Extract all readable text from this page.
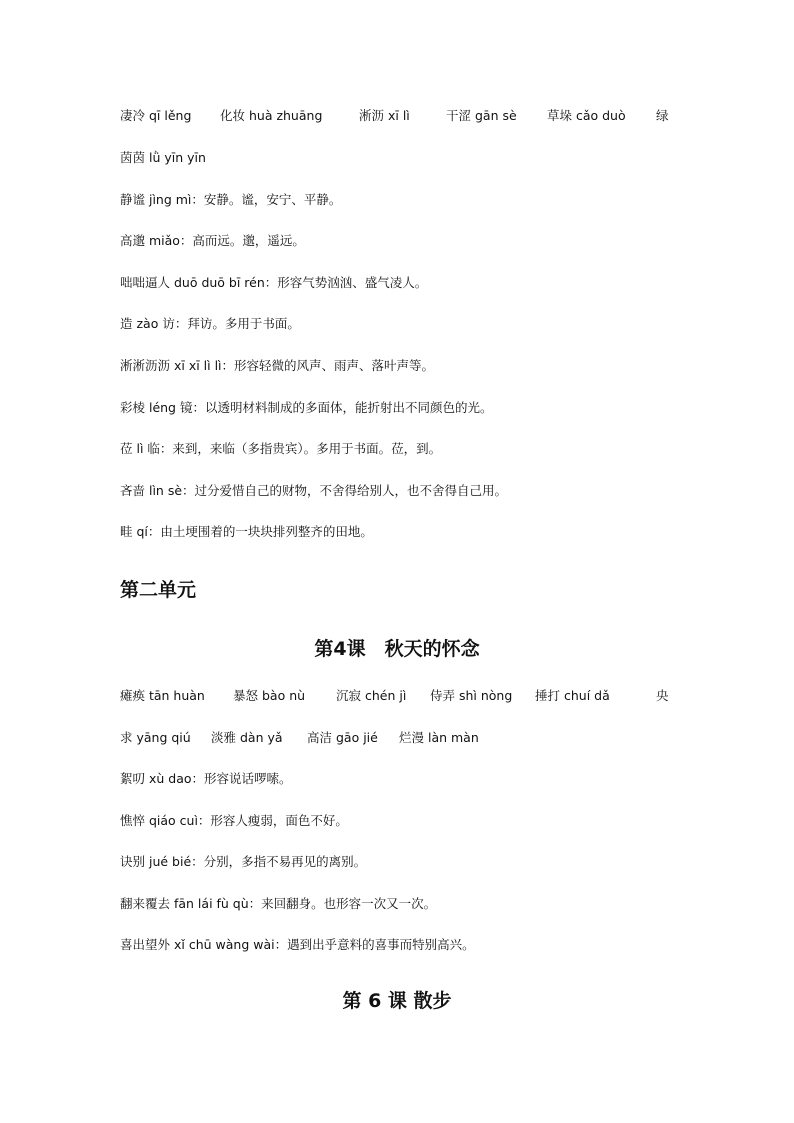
凄冷 qī lěng 化妆 huà zhuāng	淅沥 xī lì	干涩 gān sè 草垛 cǎo duò 绿
茵茵 lǜ yīn yīn
静谧 jìng mì：安静。谧，安宁、平静。
高邈 miǎo：高而远。邈，遥远。
咄咄逼人 duō duō bī rén：形容气势汹汹、盛气凌人。
造 zào 访：拜访。多用于书面。
淅淅沥沥 xī xī lì lì：形容轻微的风声、雨声、落叶声等。
彩棱 léng 镜：以透明材料制成的多面体，能折射出不同颜色的光。
莅 lì 临：来到，来临（多指贵宾）。多用于书面。莅，到。
吝啬 lìn sè：过分爱惜自己的财物，不舍得给别人，也不舍得自己用。
畦 qí：由土埂围着的一块块排列整齐的田地。
第二单元
第4课　秋天的怀念
瘫痪 tān huàn 暴怒 bào nù 沉寂 chén jì 侍弄 shì nòng 捶打 chuí dǎ	央
求 yāng qiú 淡雅 dàn yǎ 高洁 gāo jié 烂漫 làn màn
絮叨 xù dao：形容说话啰嗦。
憔悴 qiáo cuì：形容人瘦弱，面色不好。
诀别 jué bié：分别，多指不易再见的离别。
翻来覆去 fān lái fù qù：来回翻身。也形容一次又一次。
喜出望外 xǐ chū wàng wài：遇到出乎意料的喜事而特别高兴。
第 6 课 散步
